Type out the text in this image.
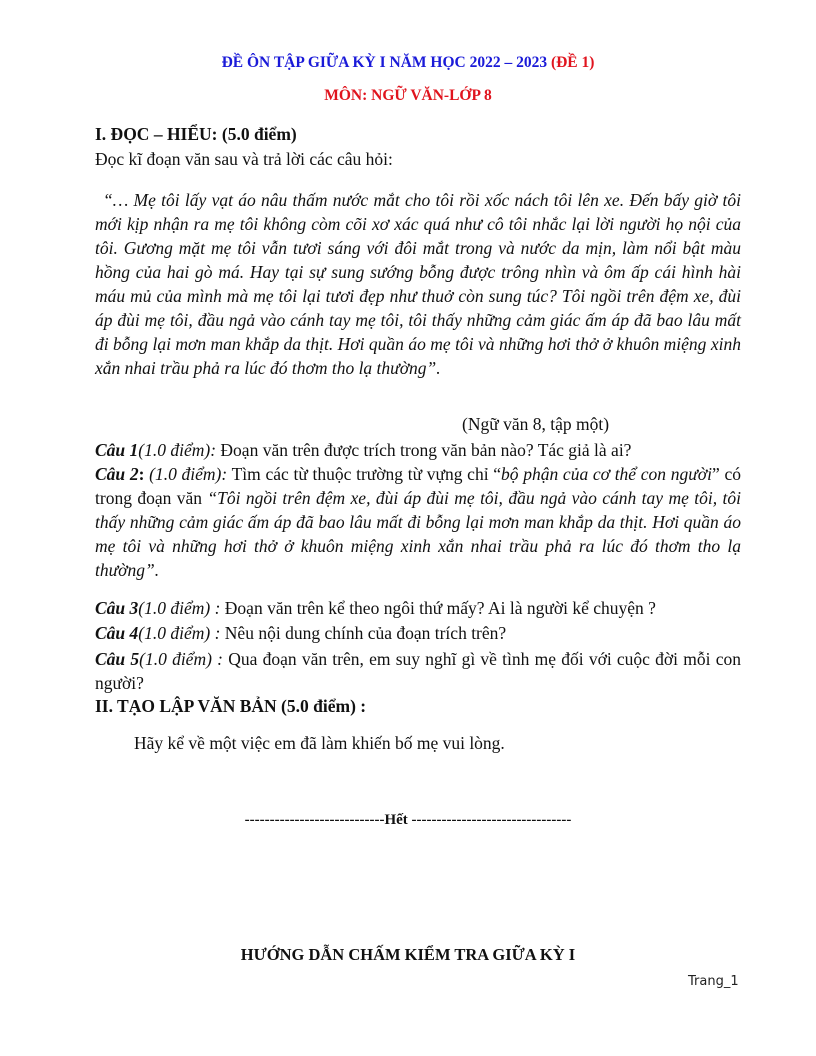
ĐỀ ÔN TẬP GIỮA KỲ I NĂM HỌC 2022 – 2023 (ĐỀ 1)
MÔN: NGỮ VĂN-LỚP 8
I. ĐỌC – HIỂU: (5.0 điểm)
Đọc kĩ đoạn văn sau và trả lời các câu hỏi:
“… Mẹ tôi lấy vạt áo nâu thấm nước mắt cho tôi rồi xốc nách tôi lên xe. Đến bấy giờ tôi mới kịp nhận ra mẹ tôi không còm cõi xơ xác quá như cô tôi nhắc lại lời người họ nội của tôi. Gương mặt mẹ tôi vẫn tươi sáng với đôi mắt trong và nước da mịn, làm nổi bật màu hồng của hai gò má. Hay tại sự sung sướng bỗng được trông nhìn và ôm ấp cái hình hài máu mủ của mình mà mẹ tôi lại tươi đẹp như thuở còn sung túc? Tôi ngồi trên đệm xe, đùi áp đùi mẹ tôi, đầu ngả vào cánh tay mẹ tôi, tôi thấy những cảm giác ấm áp đã bao lâu mất đi bỗng lại mơn man khắp da thịt. Hơi quần áo mẹ tôi và những hơi thở ở khuôn miệng xinh xắn nhai trầu phả ra lúc đó thơm tho lạ thường”.
(Ngữ văn 8, tập một)
Câu 1(1.0 điểm): Đoạn văn trên được trích trong văn bản nào? Tác giả là ai?
Câu 2: (1.0 điểm): Tìm các từ thuộc trường từ vựng chỉ “bộ phận của cơ thể con người” có trong đoạn văn “Tôi ngồi trên đệm xe, đùi áp đùi mẹ tôi, đầu ngả vào cánh tay mẹ tôi, tôi thấy những cảm giác ấm áp đã bao lâu mất đi bỗng lại mơn man khắp da thịt. Hơi quần áo mẹ tôi và những hơi thở ở khuôn miệng xinh xắn nhai trầu phả ra lúc đó thơm tho lạ thường”.
Câu 3(1.0 điểm) : Đoạn văn trên kể theo ngôi thứ mấy? Ai là người kể chuyện ?
Câu 4(1.0 điểm) : Nêu nội dung chính của đoạn trích trên?
Câu 5(1.0 điểm) : Qua đoạn văn trên, em suy nghĩ gì về tình mẹ đối với cuộc đời mỗi con người?
II. TẠO LẬP VĂN BẢN (5.0 điểm) :
Hãy kể về một việc em đã làm khiến bố mẹ vui lòng.
----------------------------Hết --------------------------------
HƯỚNG DẪN CHẤM KIỂM TRA GIỮA KỲ I
Trang_1
